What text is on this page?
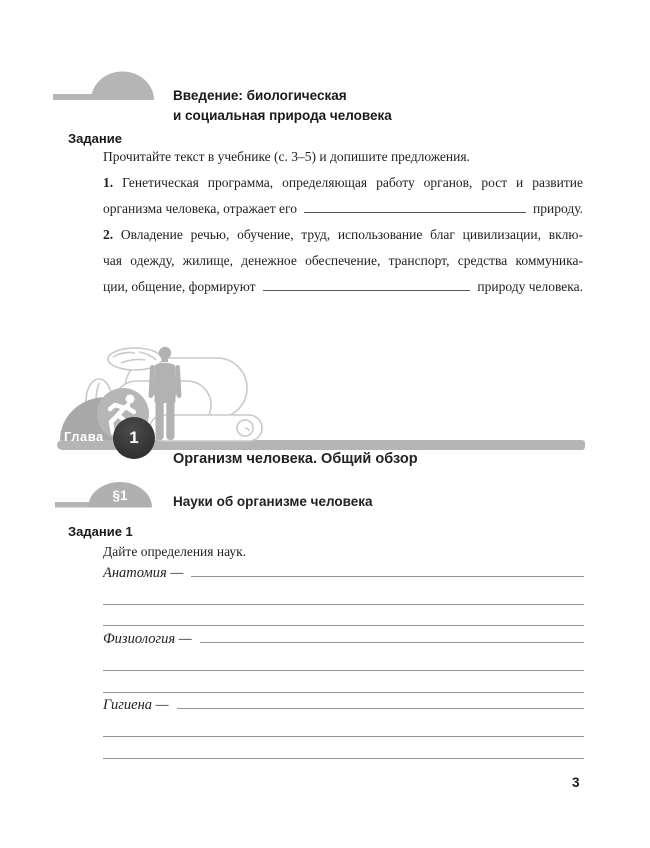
Введение: биологическая
и социальная природа человека
Задание
Прочитайте текст в учебнике (с. 3–5) и допишите предложения.
1. Генетическая программа, определяющая работу органов, рост и развитие
организма человека, отражает его	природу.
2. Овладение речью, обучение, труд, использование благ цивилизации, вклю-
чая одежду, жилище, денежное обеспечение, транспорт, средства коммуника-
ции, общение, формируют	природу человека.
Глава	1
Организм человека. Общий обзор
§1	Науки об организме человека
Задание 1
Дайте определения наук.
Анатомия —
Физиология —
Гигиена —
3
